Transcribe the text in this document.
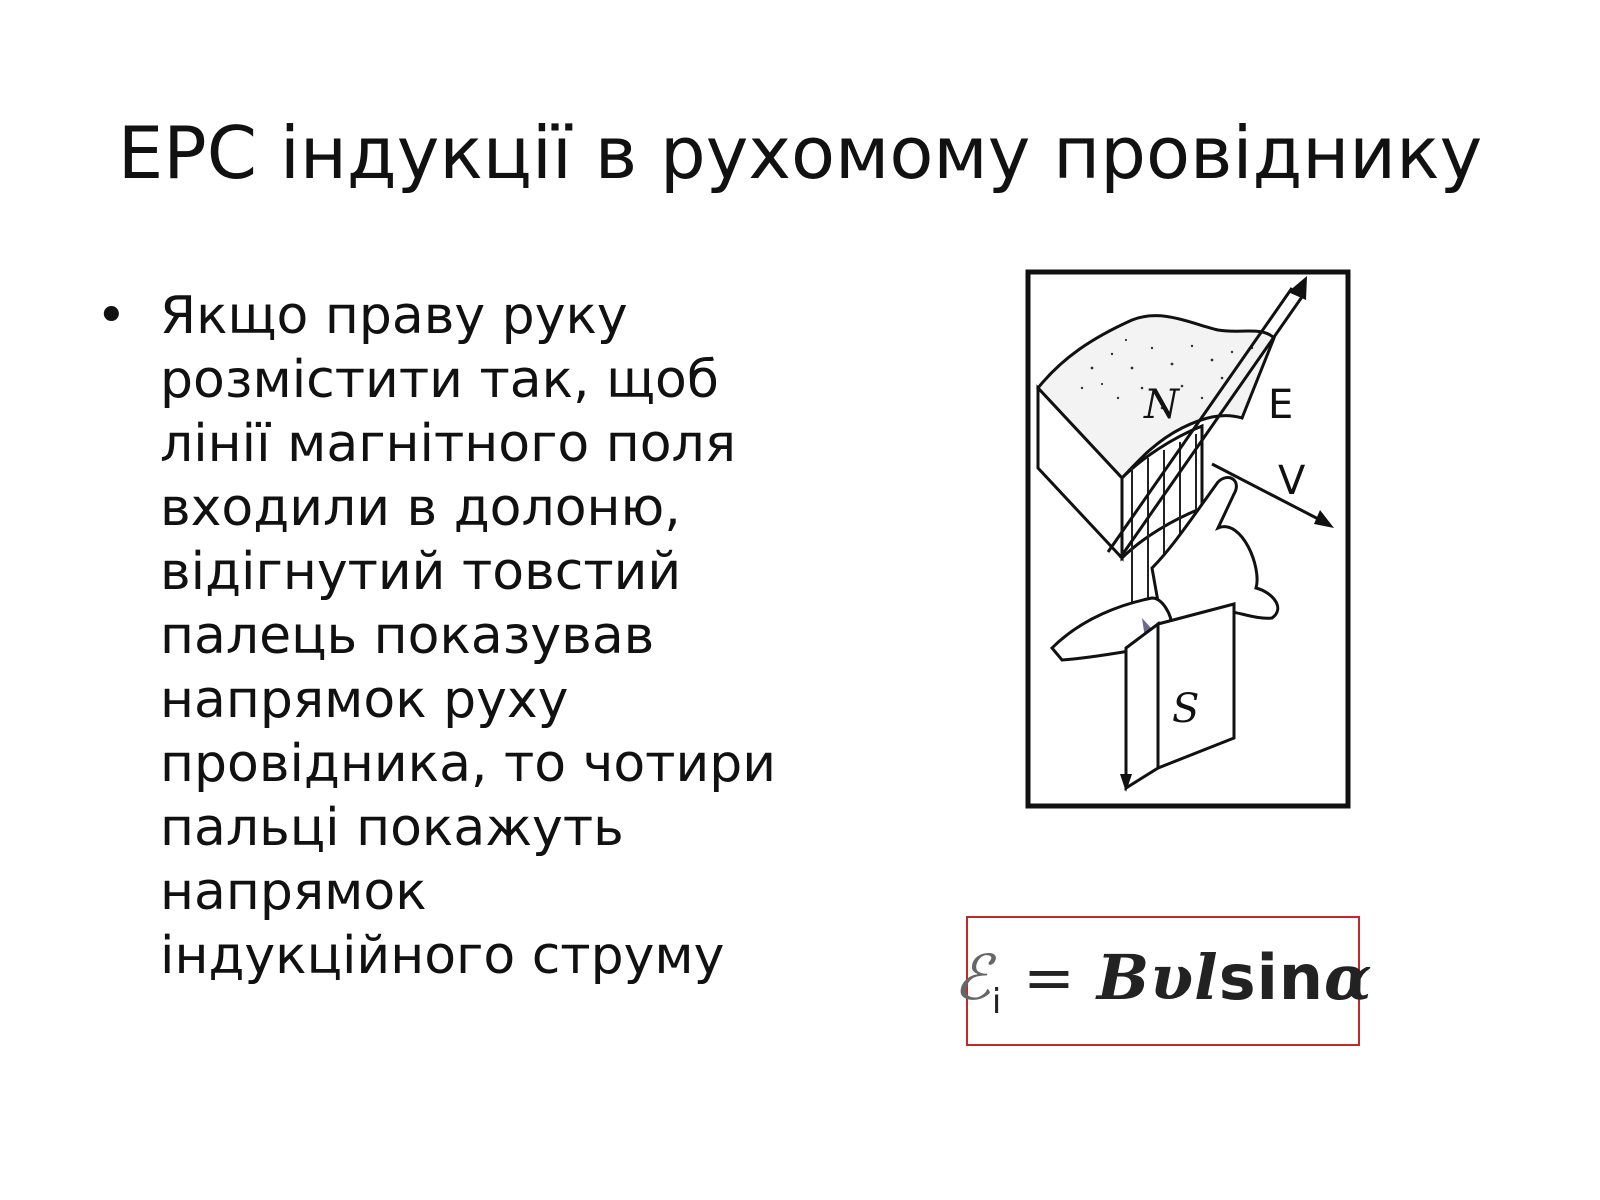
ЕРС індукції в рухомому провіднику
• Якщо праву руку
розмістити так, щоб
лінії магнітного поля
входили в долоню,
відігнутий товстий
палець показував
напрямок руху
провідника, то чотири
пальці покажуть
напрямок
індукційного струму
N E
V
S
ℰ$_i$ = Bυlsinα
